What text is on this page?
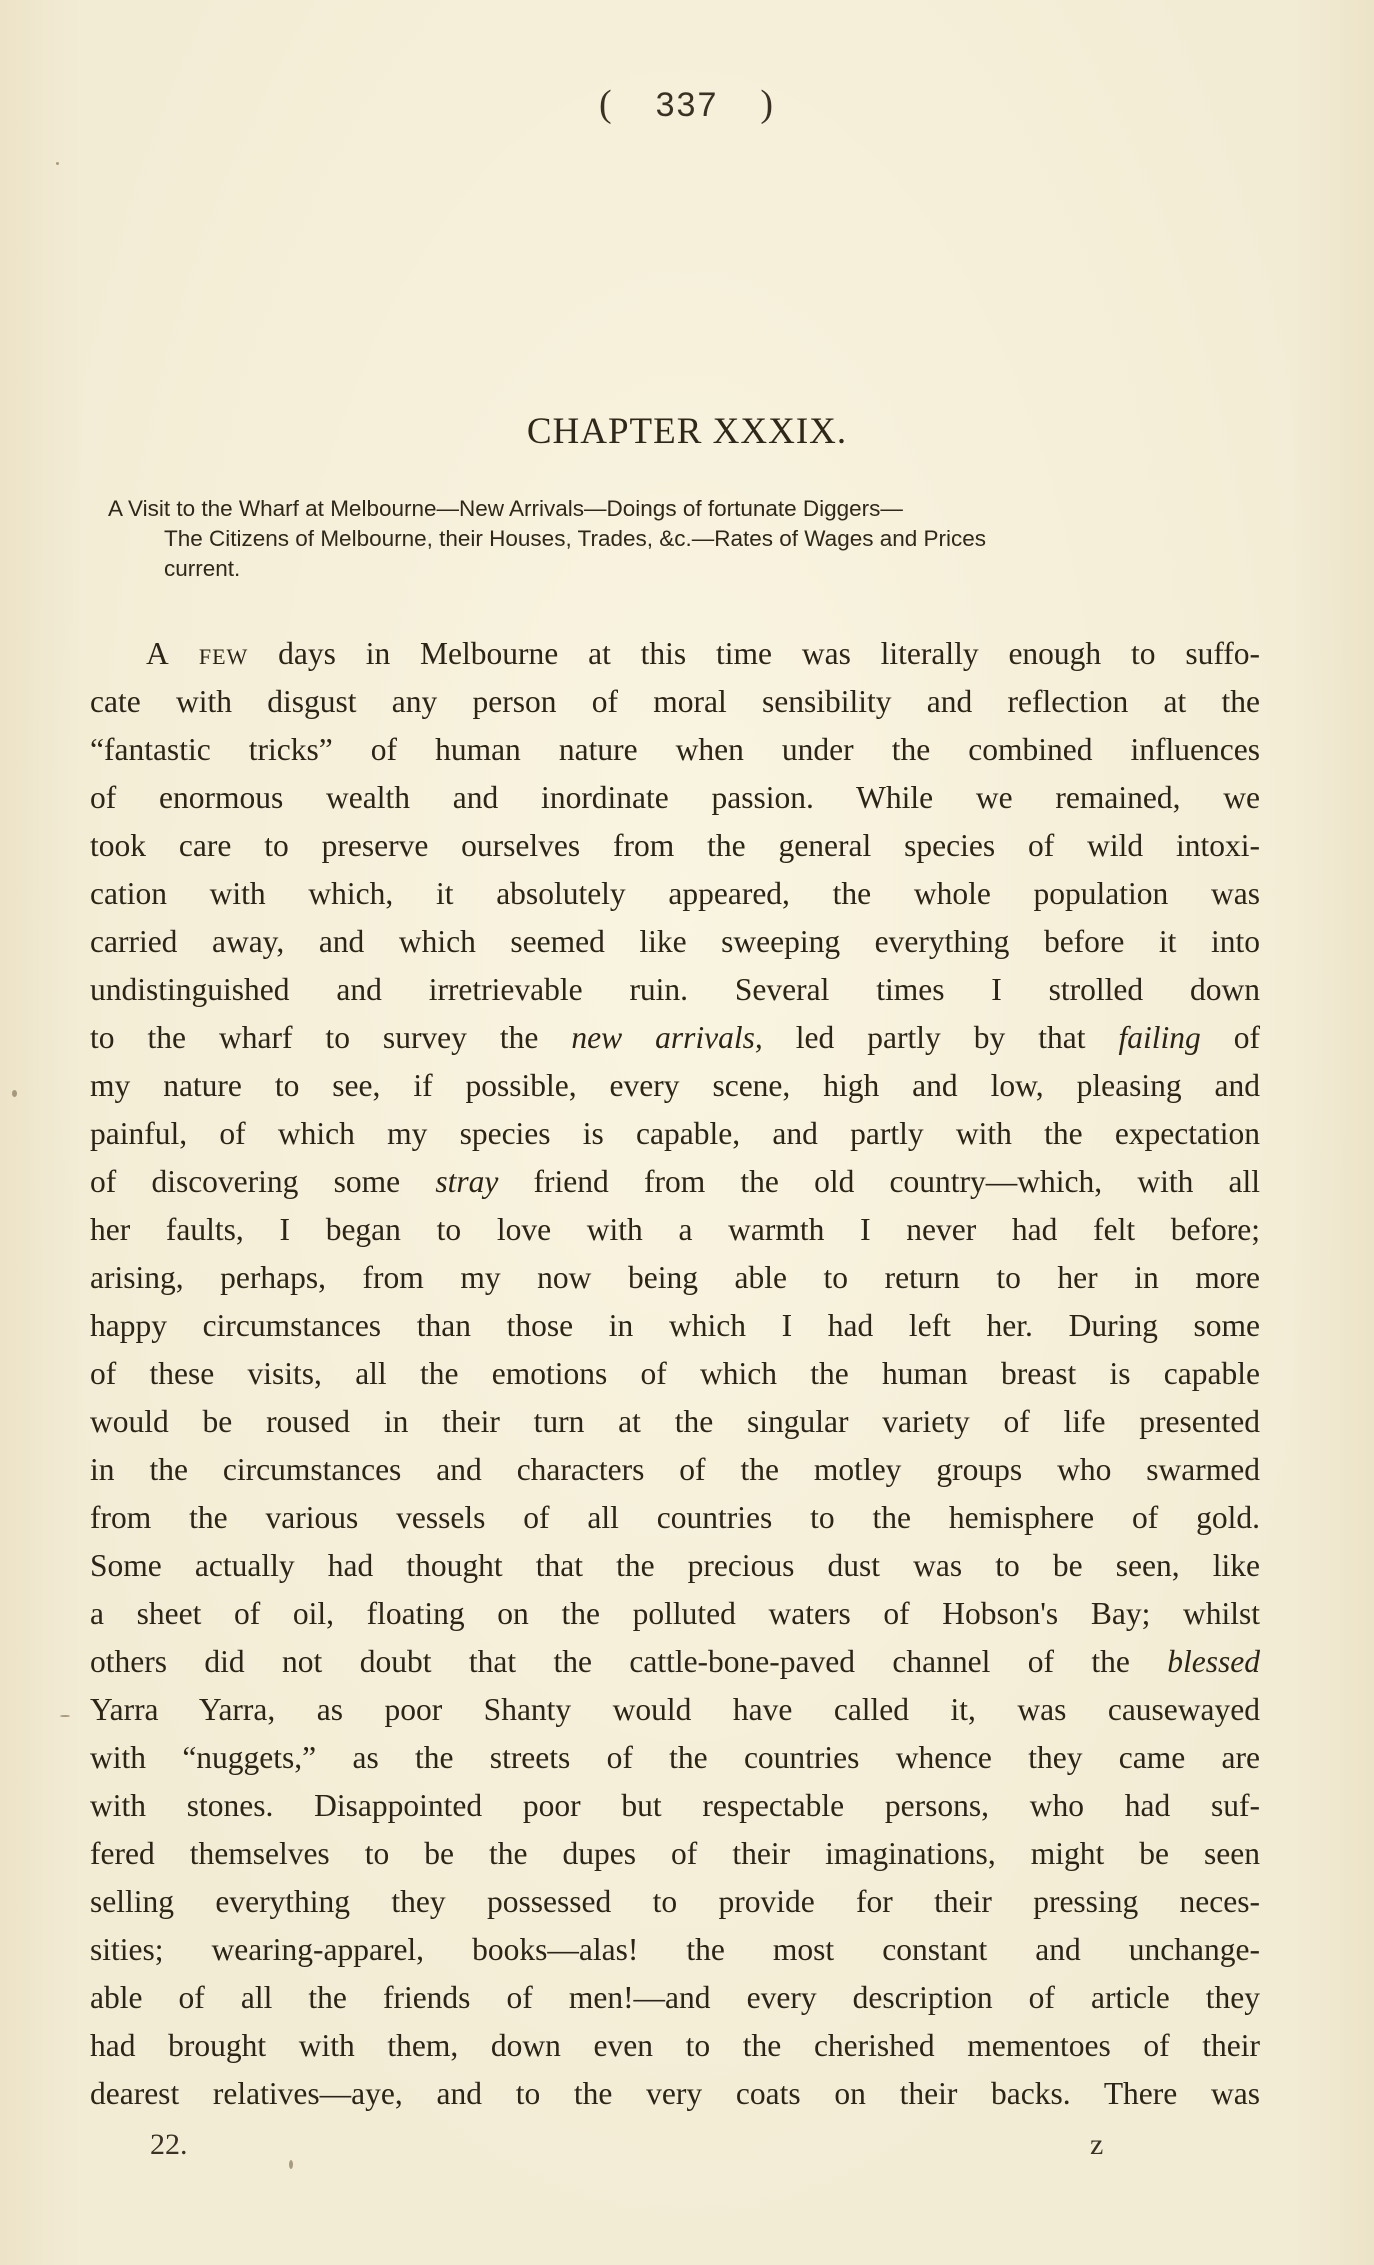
( 337 )
CHAPTER XXXIX.
A Visit to the Wharf at Melbourne—New Arrivals—Doings of fortunate Diggers—
The Citizens of Melbourne, their Houses, Trades, &c.—Rates of Wages and Prices
current.
A few days in Melbourne at this time was literally enough to suffo-
cate with disgust any person of moral sensibility and reflection at the
“fantastic tricks” of human nature when under the combined influences
of enormous wealth and inordinate passion. While we remained, we
took care to preserve ourselves from the general species of wild intoxi-
cation with which, it absolutely appeared, the whole population was
carried away, and which seemed like sweeping everything before it into
undistinguished and irretrievable ruin. Several times I strolled down
to the wharf to survey the new arrivals, led partly by that failing of
my nature to see, if possible, every scene, high and low, pleasing and
painful, of which my species is capable, and partly with the expectation
of discovering some stray friend from the old country—which, with all
her faults, I began to love with a warmth I never had felt before;
arising, perhaps, from my now being able to return to her in more
happy circumstances than those in which I had left her. During some
of these visits, all the emotions of which the human breast is capable
would be roused in their turn at the singular variety of life presented
in the circumstances and characters of the motley groups who swarmed
from the various vessels of all countries to the hemisphere of gold.
Some actually had thought that the precious dust was to be seen, like
a sheet of oil, floating on the polluted waters of Hobson's Bay; whilst
others did not doubt that the cattle-bone-paved channel of the blessed
Yarra Yarra, as poor Shanty would have called it, was causewayed
with “nuggets,” as the streets of the countries whence they came are
with stones. Disappointed poor but respectable persons, who had suf-
fered themselves to be the dupes of their imaginations, might be seen
selling everything they possessed to provide for their pressing neces-
sities; wearing-apparel, books—alas! the most constant and unchange-
able of all the friends of men!—and every description of article they
had brought with them, down even to the cherished mementoes of their
dearest relatives—aye, and to the very coats on their backs. There was
22.	z
